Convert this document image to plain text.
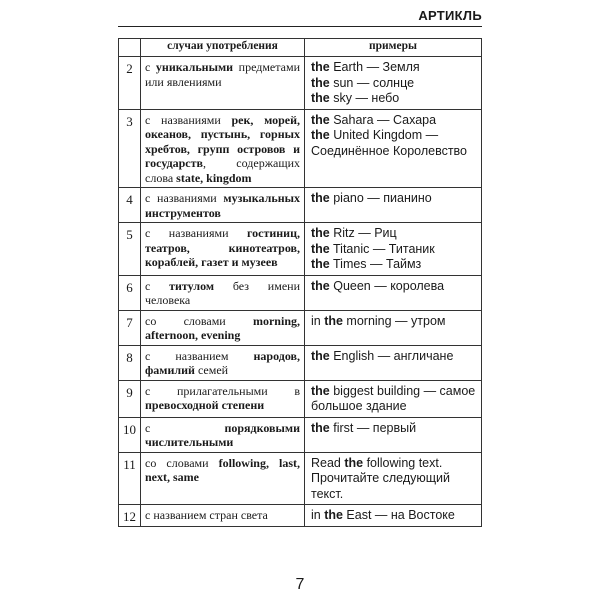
АРТИКЛЬ
	случаи употребления	примеры
2	с уникальными предметами или явлениями	the Earth — Земля
the sun — солнце
the sky — небо

3	с названиями рек, морей, океанов, пустынь, горных хребтов, групп островов и государств, содержащих слова state, kingdom	the Sahara — Сахара
the United Kingdom — Соединённое Королевство

4	с названиями музыкальных инструментов	the piano — пианино

5	с названиями гостиниц, театров, кинотеатров, кораблей, газет и музеев	the Ritz — Риц
the Titanic — Титаник
the Times — Таймз

6	с титулом без имени человека	the Queen — королева

7	со словами morning, afternoon, evening	in the morning — утром

8	с названием народов, фамилий семей	the English — англичане

9	с прилагательными в превосходной степени	the biggest building — самое большое здание

10	с порядковыми числительными	the first — первый

11	со словами following, last, next, same	Read the following text. Прочитайте следующий текст.

12	с названием стран света	in the East — на Востоке
7
